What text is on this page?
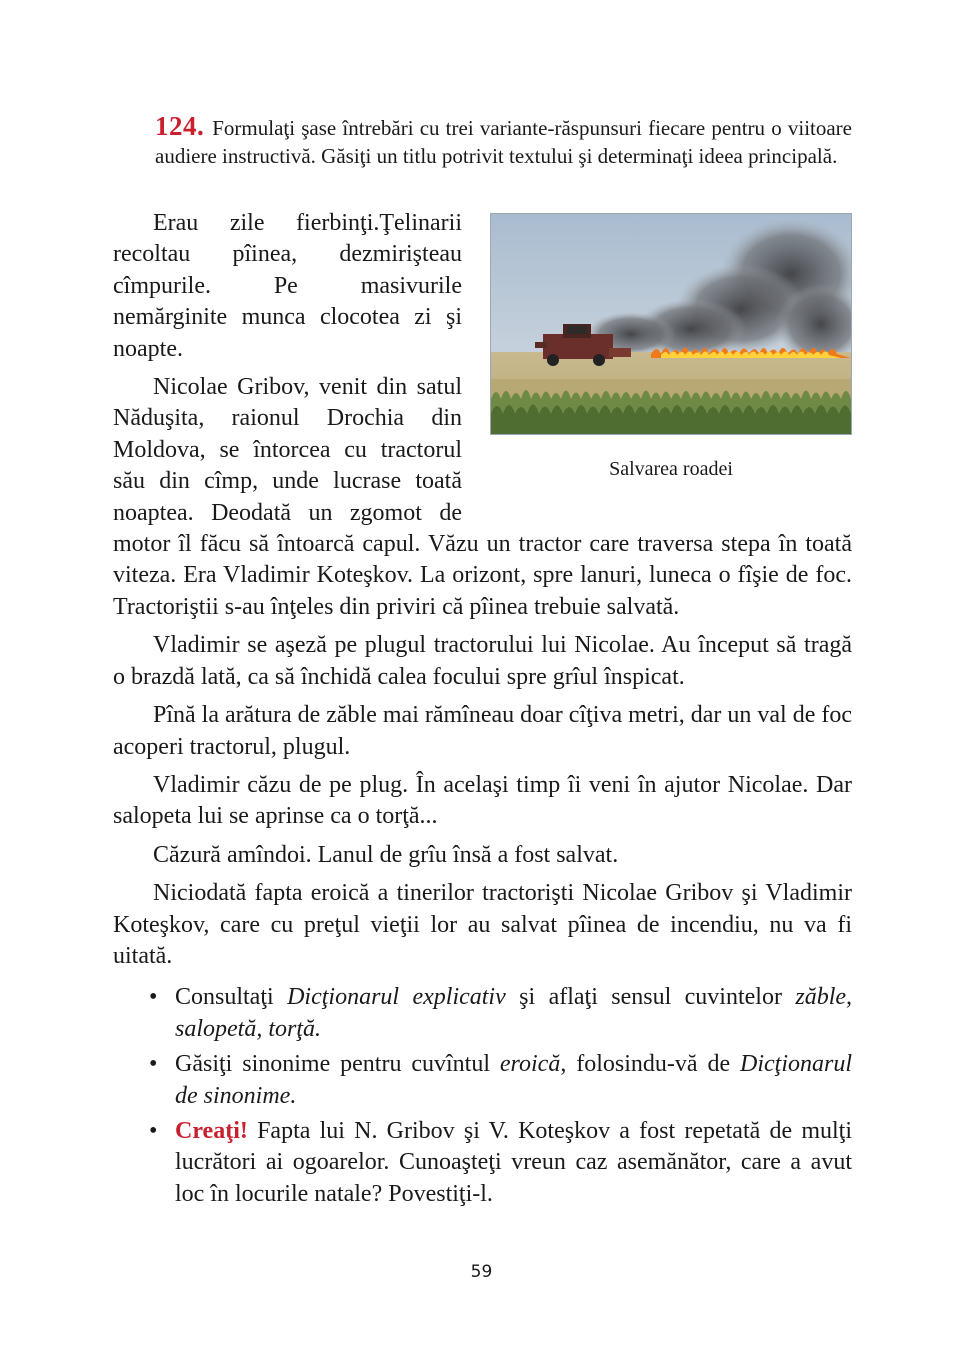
124. Formulaţi şase întrebări cu trei variante-răspunsuri fiecare pentru o viitoare audiere instructivă. Găsiţi un titlu potrivit textului şi determinaţi ideea principală.
Salvarea roadei

Erau zile fierbinţi.Ţelinarii recoltau pîinea, dezmirişteau cîmpurile. Pe masivurile nemărginite munca clocotea zi şi noapte.

Nicolae Gribov, venit din satul Năduşita, raionul Drochia din Moldova, se întorcea cu tractorul său din cîmp, unde lucrase toată noaptea. Deodată un zgomot de motor îl făcu să întoarcă capul. Văzu un tractor care traversa stepa în toată viteza. Era Vladimir Koteşkov. La orizont, spre lanuri, luneca o fîşie de foc. Tractoriştii s-au înţeles din priviri că pîinea trebuie salvată.

Vladimir se aşeză pe plugul tractorului lui Nicolae. Au început să tragă o brazdă lată, ca să închidă calea focului spre grîul înspicat.

Pînă la arătura de zăble mai rămîneau doar cîţiva metri, dar un val de foc acoperi tractorul, plugul.

Vladimir căzu de pe plug. În acelaşi timp îi veni în ajutor Nicolae. Dar salopeta lui se aprinse ca o torţă...

Căzură amîndoi. Lanul de grîu însă a fost salvat.

Niciodată fapta eroică a tinerilor tractorişti Nicolae Gribov şi Vladimir Koteşkov, care cu preţul vieţii lor au salvat pîinea de incendiu, nu va fi uitată.

• Consultaţi Dicţionarul explicativ şi aflaţi sensul cuvintelor zăble, salopetă, torţă.
• Găsiţi sinonime pentru cuvîntul eroică, folosindu-vă de Dicţionarul de sinonime.
• Creaţi! Fapta lui N. Gribov şi V. Koteşkov a fost repetată de mulţi lucrători ai ogoarelor. Cunoaşteţi vreun caz asemănător, care a avut loc în locurile natale? Povestiţi-l.
59
